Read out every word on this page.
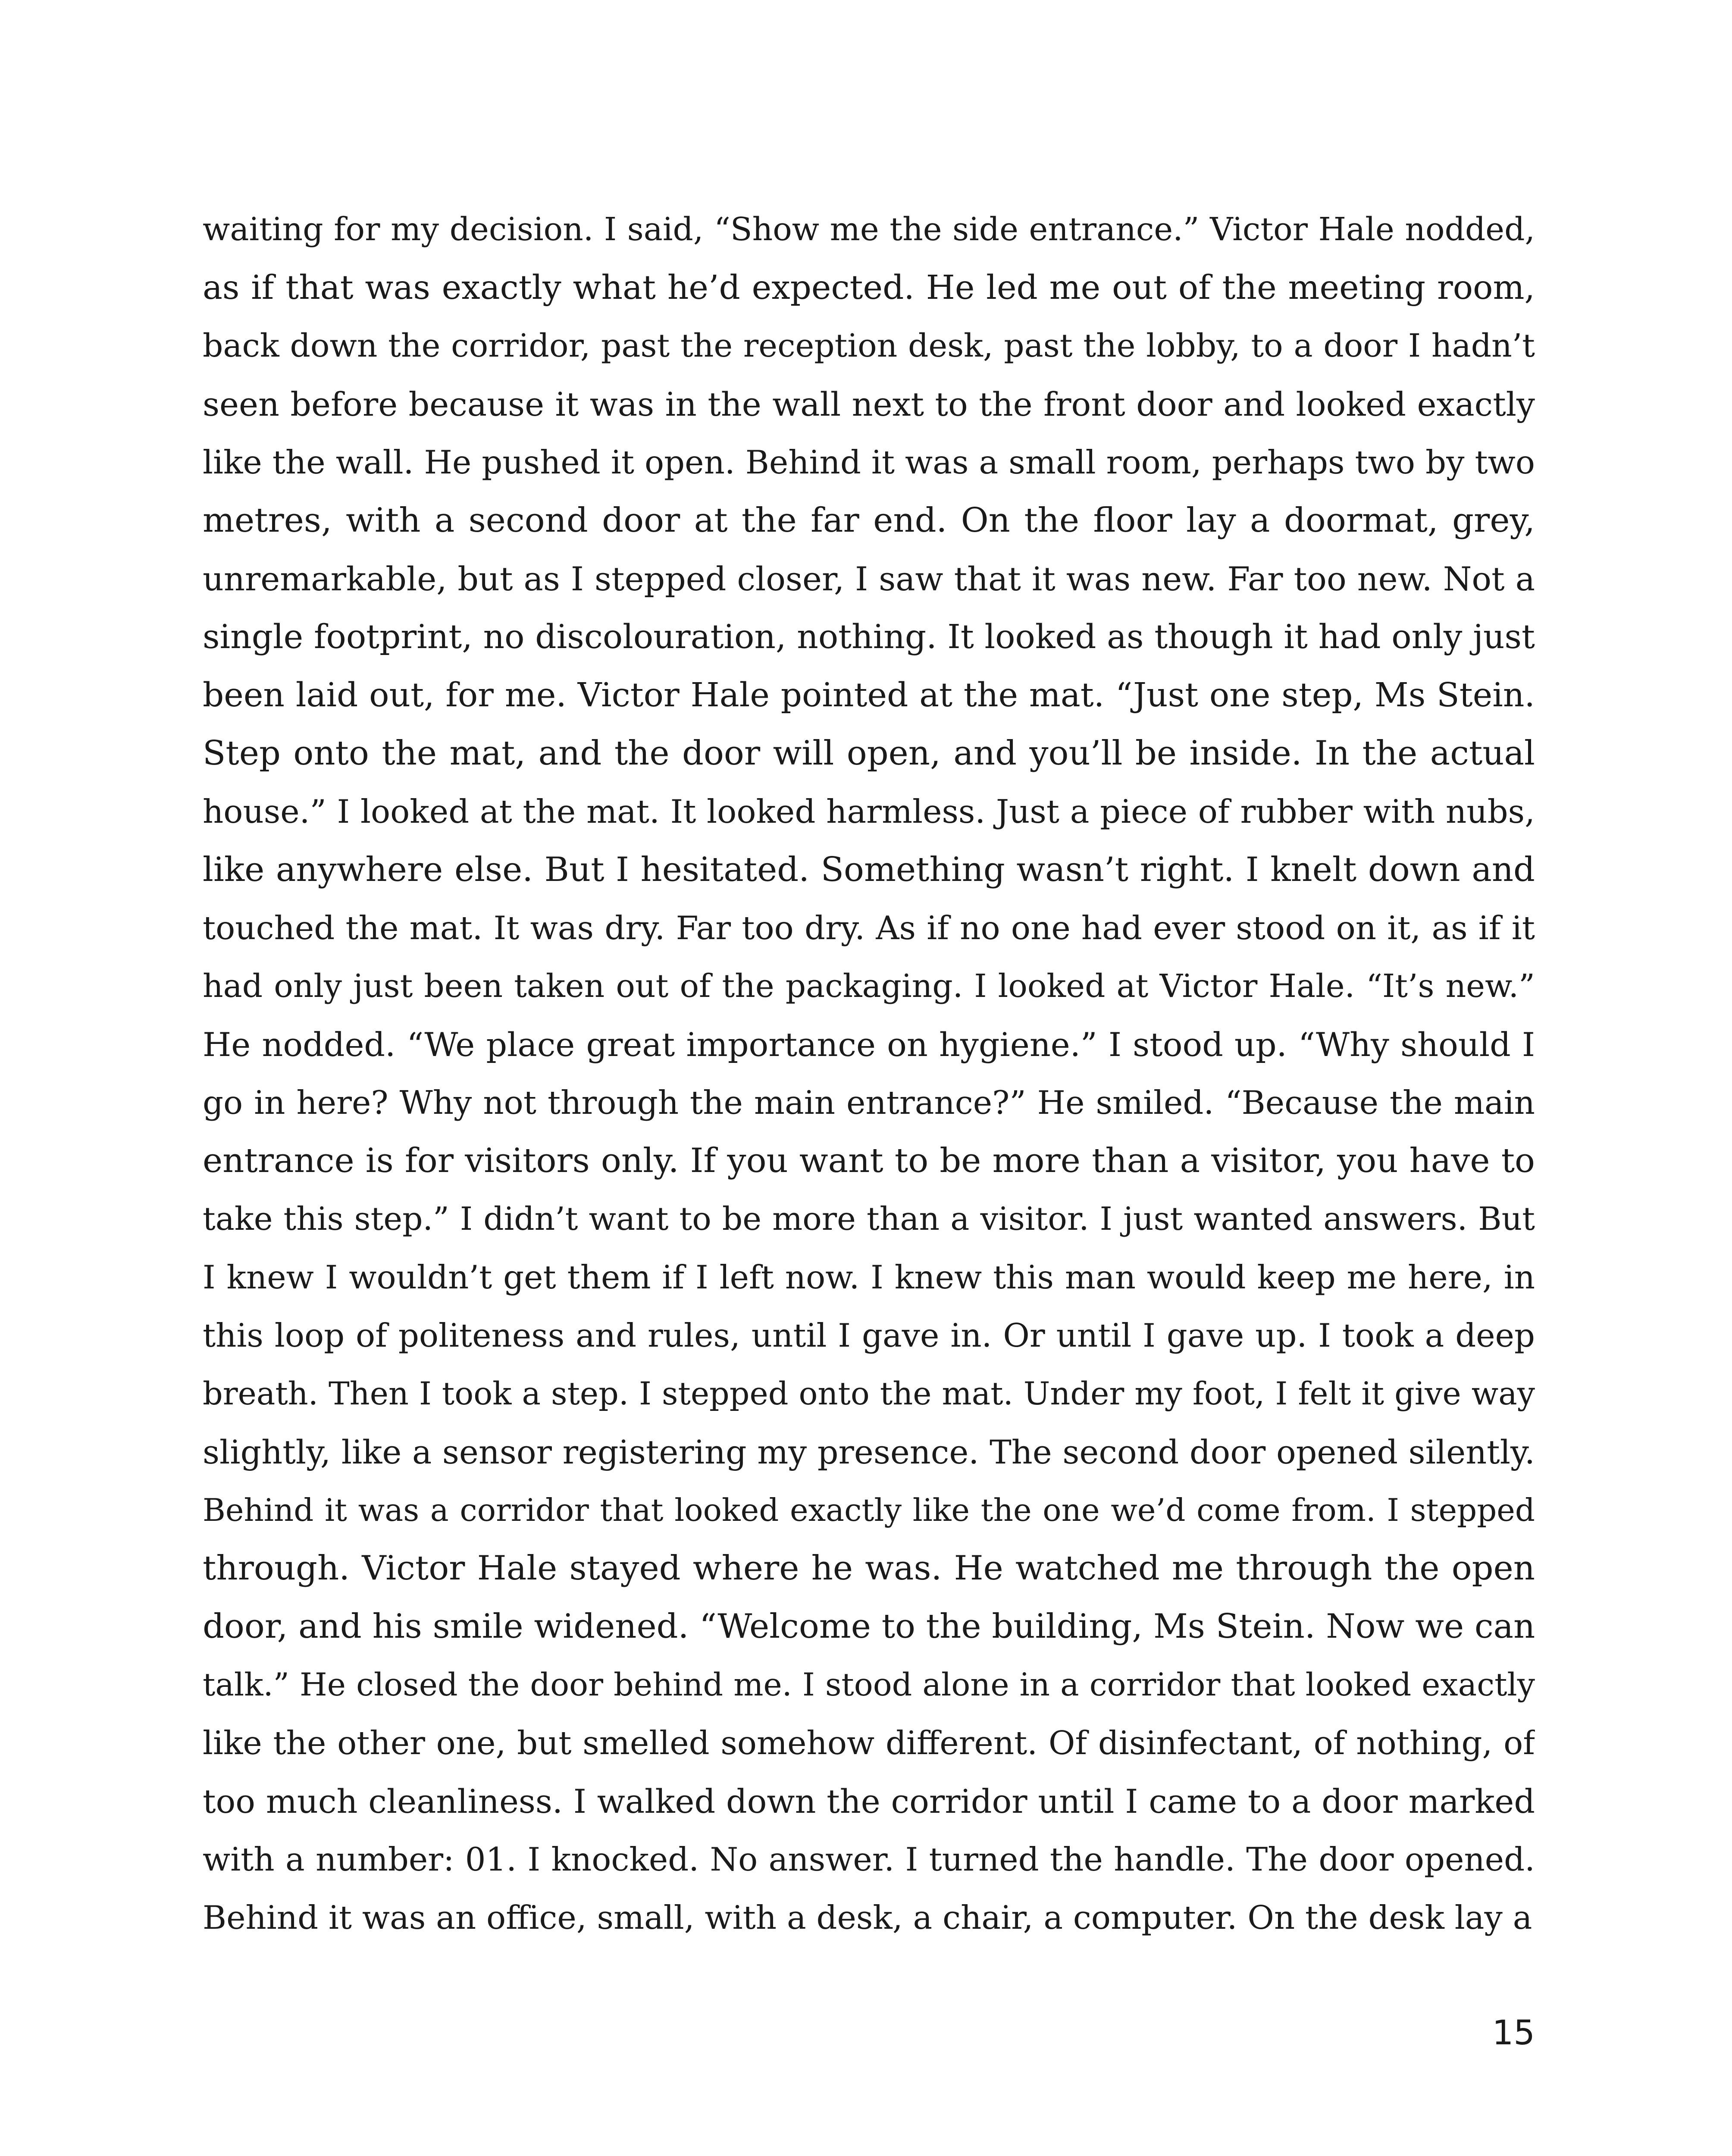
waiting for my decision. I said, “Show me the side entrance.” Victor Hale nodded,
as if that was exactly what he’d expected. He led me out of the meeting room,
back down the corridor, past the reception desk, past the lobby, to a door I hadn’t
seen before because it was in the wall next to the front door and looked exactly
like the wall. He pushed it open. Behind it was a small room, perhaps two by two
metres, with a second door at the far end. On the floor lay a doormat, grey,
unremarkable, but as I stepped closer, I saw that it was new. Far too new. Not a
single footprint, no discolouration, nothing. It looked as though it had only just
been laid out, for me. Victor Hale pointed at the mat. “Just one step, Ms Stein.
Step onto the mat, and the door will open, and you’ll be inside. In the actual
house.” I looked at the mat. It looked harmless. Just a piece of rubber with nubs,
like anywhere else. But I hesitated. Something wasn’t right. I knelt down and
touched the mat. It was dry. Far too dry. As if no one had ever stood on it, as if it
had only just been taken out of the packaging. I looked at Victor Hale. “It’s new.”
He nodded. “We place great importance on hygiene.” I stood up. “Why should I
go in here? Why not through the main entrance?” He smiled. “Because the main
entrance is for visitors only. If you want to be more than a visitor, you have to
take this step.” I didn’t want to be more than a visitor. I just wanted answers. But
I knew I wouldn’t get them if I left now. I knew this man would keep me here, in
this loop of politeness and rules, until I gave in. Or until I gave up. I took a deep
breath. Then I took a step. I stepped onto the mat. Under my foot, I felt it give way
slightly, like a sensor registering my presence. The second door opened silently.
Behind it was a corridor that looked exactly like the one we’d come from. I stepped
through. Victor Hale stayed where he was. He watched me through the open
door, and his smile widened. “Welcome to the building, Ms Stein. Now we can
talk.” He closed the door behind me. I stood alone in a corridor that looked exactly
like the other one, but smelled somehow different. Of disinfectant, of nothing, of
too much cleanliness. I walked down the corridor until I came to a door marked
with a number: 01. I knocked. No answer. I turned the handle. The door opened.
Behind it was an office, small, with a desk, a chair, a computer. On the desk lay a
15
